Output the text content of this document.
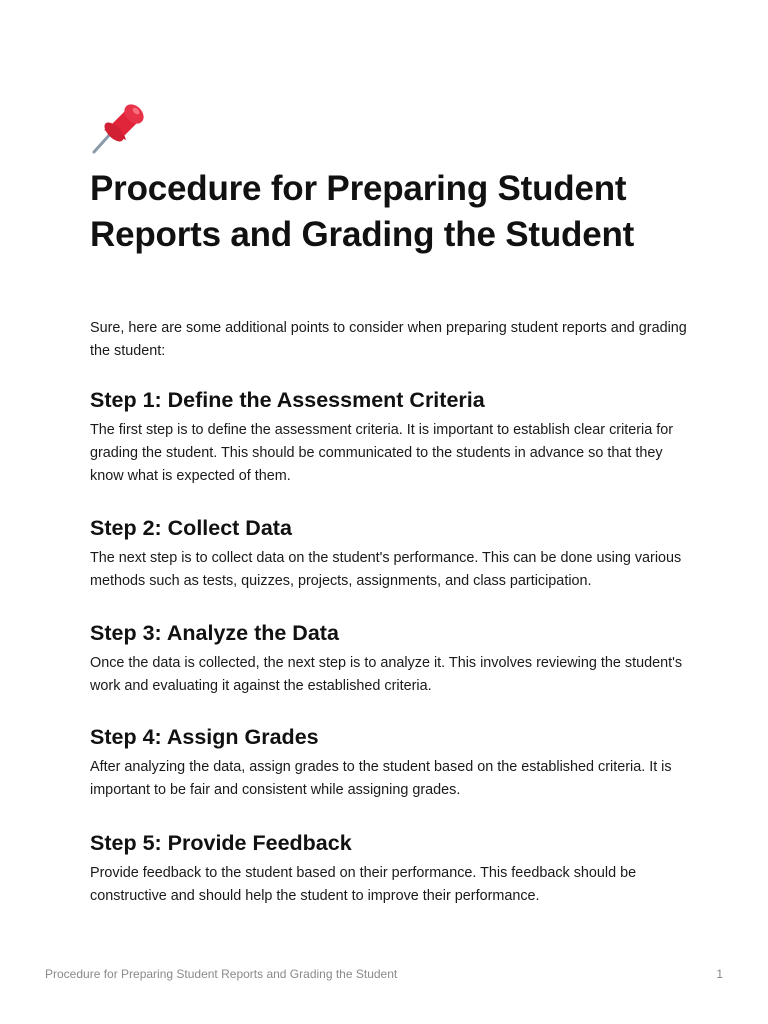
Procedure for Preparing Student Reports and Grading the Student

Sure, here are some additional points to consider when preparing student reports and grading the student:

Step 1: Define the Assessment Criteria

The first step is to define the assessment criteria. It is important to establish clear criteria for grading the student. This should be communicated to the students in advance so that they know what is expected of them.

Step 2: Collect Data

The next step is to collect data on the student's performance. This can be done using various methods such as tests, quizzes, projects, assignments, and class participation.

Step 3: Analyze the Data

Once the data is collected, the next step is to analyze it. This involves reviewing the student's work and evaluating it against the established criteria.

Step 4: Assign Grades

After analyzing the data, assign grades to the student based on the established criteria. It is important to be fair and consistent while assigning grades.

Step 5: Provide Feedback

Provide feedback to the student based on their performance. This feedback should be constructive and should help the student to improve their performance.

Procedure for Preparing Student Reports and Grading the Student	1
